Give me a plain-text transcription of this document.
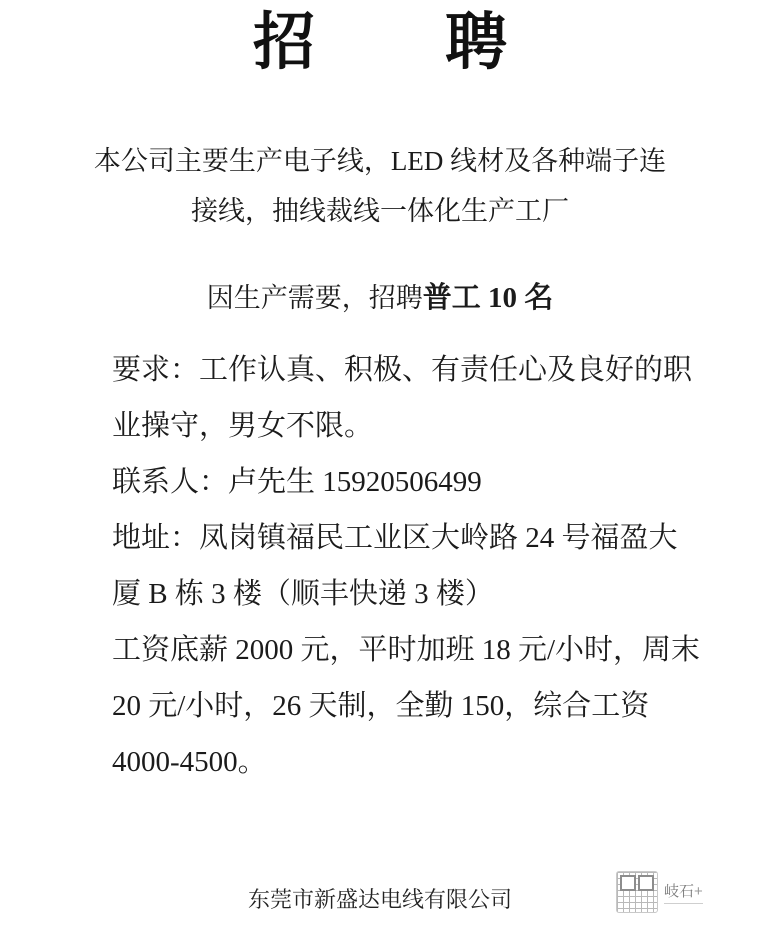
招　聘
本公司主要生产电子线，LED 线材及各种端子连接线，抽线裁线一体化生产工厂
因生产需要，招聘普工 10 名

要求：工作认真、积极、有责任心及良好的职业操守，男女不限。

联系人：卢先生 15920506499

地址：凤岗镇福民工业区大岭路 24 号福盈大厦 B 栋 3 楼（顺丰快递 3 楼）

工资底薪 2000 元，平时加班 18 元/小时，周末 20 元/小时，26 天制，全勤 150，综合工资 4000-4500。

东莞市新盛达电线有限公司	岐石+
